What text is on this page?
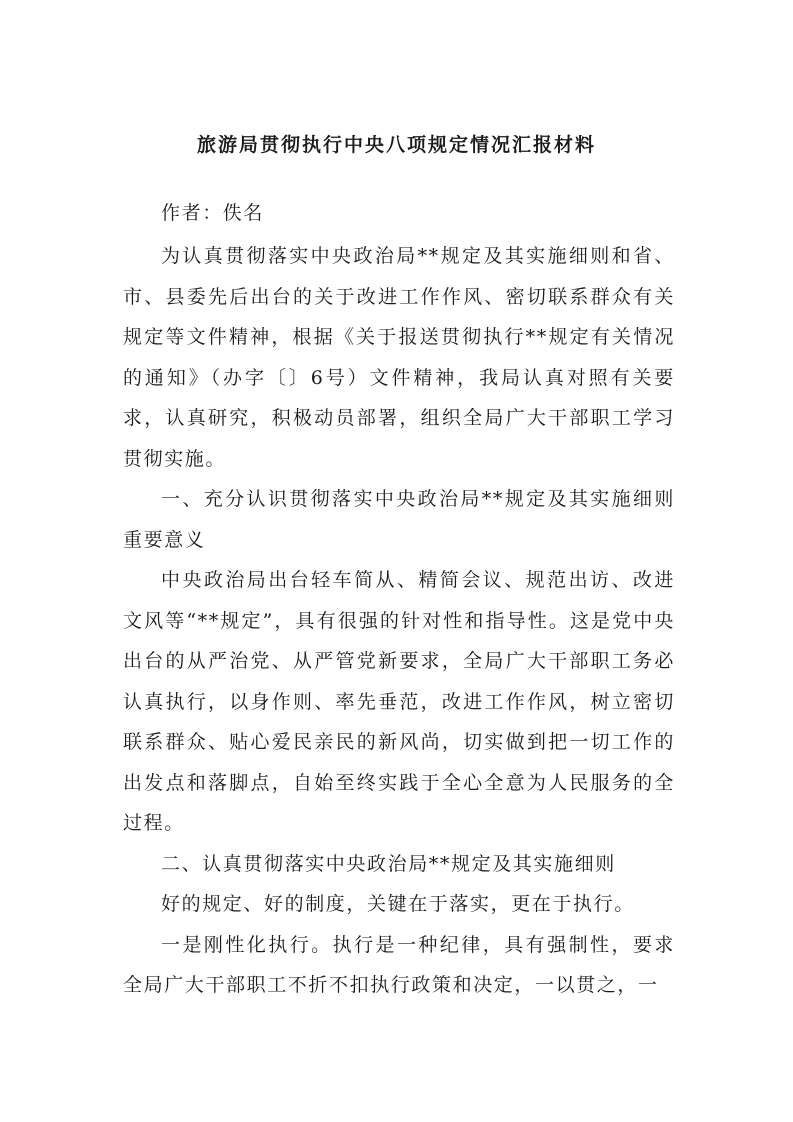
旅游局贯彻执行中央八项规定情况汇报材料

作者：佚名

为认真贯彻落实中央政治局**规定及其实施细则和省、市、县委先后出台的关于改进工作作风、密切联系群众有关规定等文件精神，根据《关于报送贯彻执行**规定有关情况的通知》（办字〔〕6号）文件精神，我局认真对照有关要求，认真研究，积极动员部署，组织全局广大干部职工学习贯彻实施。

一、充分认识贯彻落实中央政治局**规定及其实施细则重要意义

中央政治局出台轻车简从、精简会议、规范出访、改进文风等“**规定”，具有很强的针对性和指导性。这是党中央出台的从严治党、从严管党新要求，全局广大干部职工务必认真执行，以身作则、率先垂范，改进工作作风，树立密切联系群众、贴心爱民亲民的新风尚，切实做到把一切工作的出发点和落脚点，自始至终实践于全心全意为人民服务的全过程。

二、认真贯彻落实中央政治局**规定及其实施细则

好的规定、好的制度，关键在于落实，更在于执行。

一是刚性化执行。执行是一种纪律，具有强制性，要求全局广大干部职工不折不扣执行政策和决定，一以贯之，一
